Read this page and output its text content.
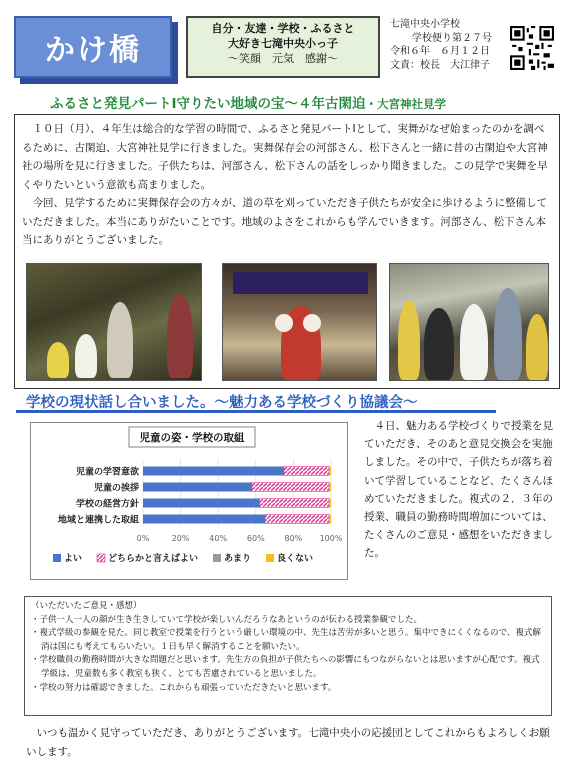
かけ橋
自分・友達・学校・ふるさと
大好き七滝中央小っ子
～笑顔　元気　感謝～
七滝中央小学校
学校便り第２７号
令和６年　６月１２日
文責：校長　大江律子
ふるさと発見パートⅠ守りたい地域の宝～４年古閑迫・大宮神社見学

１０日（月）、４年生は総合的な学習の時間で、ふるさと発見パートⅠとして、実舞がなぜ始まったのかを調べるために、古閑迫、大宮神社見学に行きました。実舞保存会の河部さん、松下さんと一緒に昔の古閑迫や大宮神社の場所を見に行きました。子供たちは、河部さん、松下さんの話をしっかり聞きました。この見学で実舞を早くやりたいという意欲も高まりました。

今回、見学するために実舞保存会の方々が、道の草を刈っていただき子供たちが安全に歩けるように整備していただきました。本当にありがたいことです。地域のよさをこれからも学んでいきます。河部さん、松下さん本当にありがとうございました。

学校の現状話し合いました。～魅力ある学校づくり協議会～
児童の姿・学校の取組
0%	20% 40% 60% 80% 100%
児童の学習意欲
児童の挨拶
学校の経営方針
地域と連携した取組
よい	どちらかと言えばよい	あまり	良くない
４日、魅力ある学校づくりで授業を見ていただき、そのあと意見交換会を実施しました。その中で、子供たちが落ち着いて学習していることなど、たくさんほめていただきました。複式の２．３年の授業、職員の勤務時間増加については、たくさんのご意見・感想をいただきました。
（いただいたご意見・感想）
・子供一人一人の顔が生き生きしていて学校が楽しいんだろうなあというのが伝わる授業参観でした。
・複式学級の参観を見た。同じ教室で授業を行うという厳しい環境の中、先生は苦労が多いと思う。集中できにくくなるので、複式解消は国にも考えてもらいたい。１日も早く解消することを願いたい。
・学校職員の勤務時間が大きな問題だと思います。先生方の負担が子供たちへの影響にもつながらないとは思いますが心配です。複式学級は、児童数も多く教室も狭く、とても苦慮されていると思いました。
・学校の努力は確認できました。これからも頑張っていただきたいと思います。
いつも温かく見守っていただき、ありがとうございます。七滝中央小の応援団としてこれからもよろしくお願いします。
